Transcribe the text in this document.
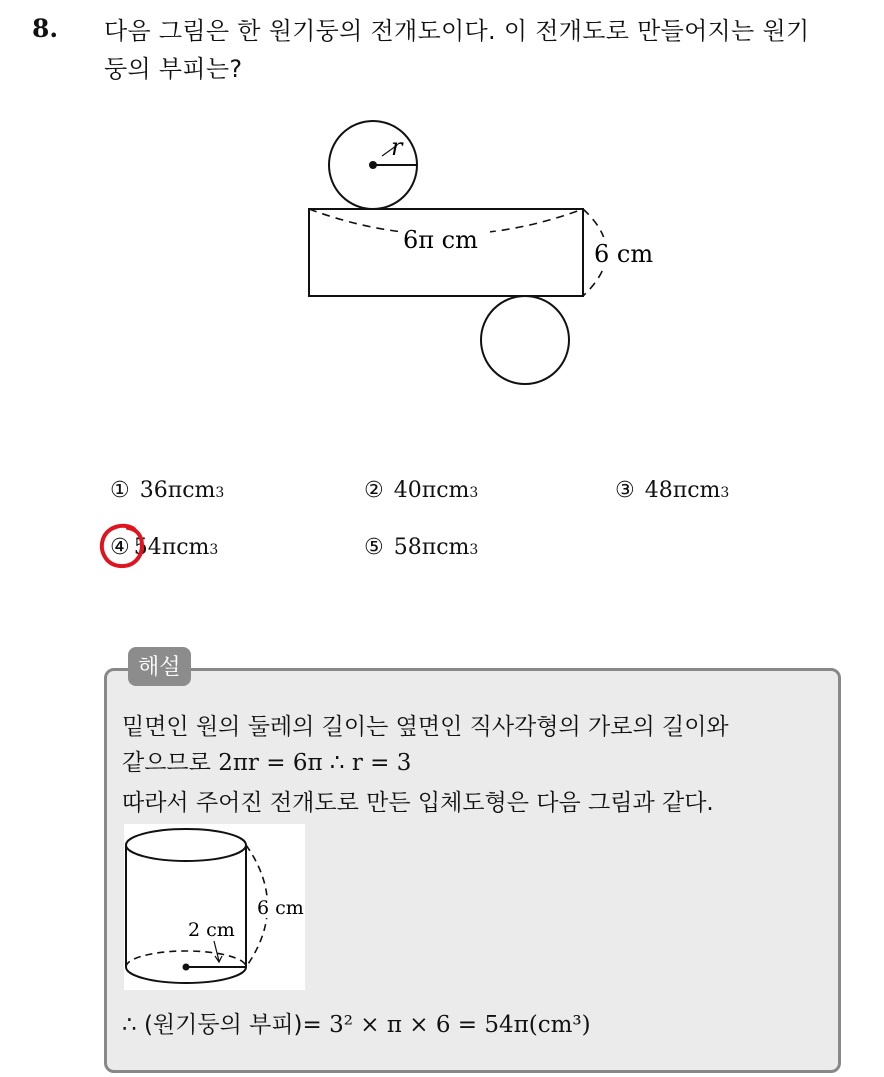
8. 다음 그림은 한 원기둥의 전개도이다. 이 전개도로 만들어지는 원기
둥의 부피는?
r
6π cm	6 cm
① 36πcm 3	② 40πcm 3	③ 48πcm 3
④ 54πcm 3	⑤ 58πcm 3
해설
밑면인 원의 둘레의 길이는 옆면인 직사각형의 가로의 길이와
같으므로 2πr = 6π ∴ r = 3
따라서 주어진 전개도로 만든 입체도형은 다음 그림과 같다.
6 cm
2 cm
∴ (원기둥의 부피)= 3² × π × 6 = 54π(cm³)
